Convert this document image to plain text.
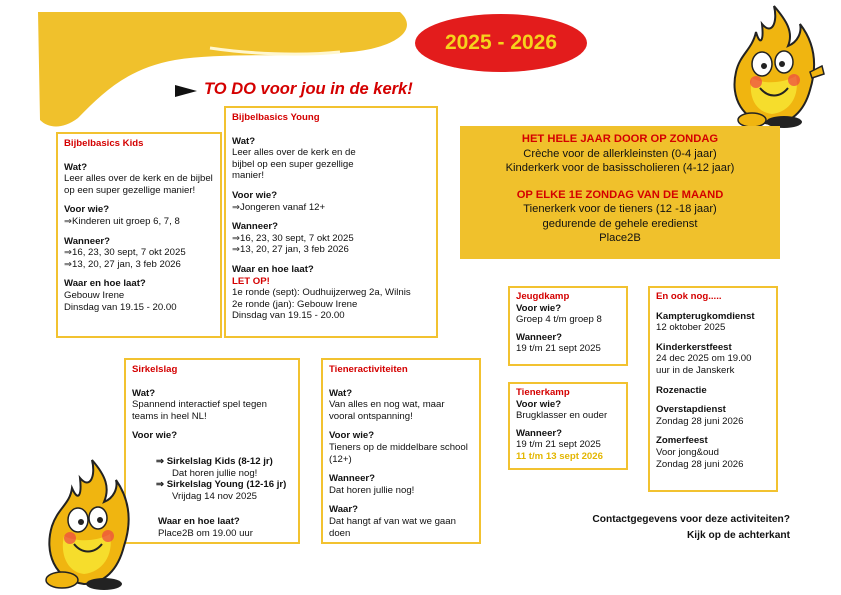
2025 - 2026
TO DO voor jou in de kerk!
Bijbelbasics Kids
Wat?
Leer alles over de kerk en de bijbel op een super gezellige manier!
Voor wie?
⇒Kinderen uit groep 6, 7, 8
Wanneer?
⇒16, 23, 30 sept, 7 okt 2025
⇒13, 20, 27 jan, 3 feb 2026
Waar en hoe laat?
Gebouw Irene
Dinsdag van 19.15 - 20.00
Bijbelbasics Young
Wat?
Leer alles over de kerk en de bijbel op een super gezellige manier!
Voor wie?
⇒Jongeren vanaf 12+
Wanneer?
⇒16, 23, 30 sept, 7 okt 2025
⇒13, 20, 27 jan, 3 feb 2026
Waar en hoe laat?
LET OP!
1e ronde (sept): Oudhuijzerweg 2a, Wilnis
2e ronde (jan): Gebouw Irene
Dinsdag van 19.15 - 20.00
HET HELE JAAR DOOR OP ZONDAG
Crèche voor de allerkleinsten (0-4 jaar)
Kinderkerk voor de basisscholieren (4-12 jaar)
OP ELKE 1E ZONDAG VAN DE MAAND
Tienerkerk voor de tieners (12 -18 jaar)
gedurende de gehele eredienst
Place2B
Sirkelslag
Wat?
Spannend interactief spel tegen teams in heel NL!
Voor wie?
⇒ Sirkelslag Kids (8-12 jr)
Dat horen jullie nog!
⇒ Sirkelslag Young (12-16 jr)
Vrijdag 14 nov 2025
Waar en hoe laat?
Place2B om 19.00 uur
Tieneractiviteiten
Wat?
Van alles en nog wat, maar vooral ontspanning!
Voor wie?
Tieners op de middelbare school (12+)
Wanneer?
Dat horen jullie nog!
Waar?
Dat hangt af van wat we gaan doen
Jeugdkamp
Voor wie?
Groep 4 t/m groep 8
Wanneer?
19 t/m 21 sept 2025
Tienerkamp
Voor wie?
Brugklasser en ouder
Wanneer?
19 t/m 21 sept 2025
11 t/m 13 sept 2026
En ook nog.....
Kampterugkomdienst
12 oktober 2025
Kinderkerstfeest
24 dec 2025 om 19.00
uur in de Janskerk
Rozenactie
Overstapdienst
Zondag 28 juni 2026
Zomerfeest
Voor jong&oud
Zondag 28 juni 2026
Contactgegevens voor deze activiteiten?
Kijk op de achterkant
